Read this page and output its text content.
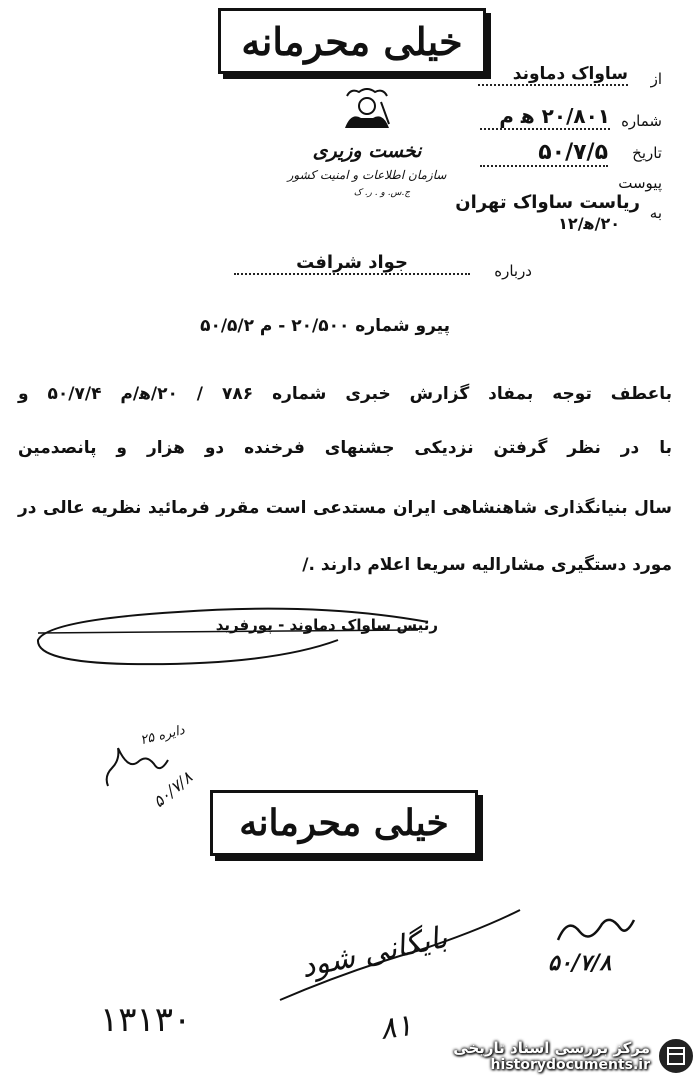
خیلی محرمانه
نخست وزیری
سازمان اطلاعات و امنیت کشور
ج.س. و . ر. ک
از
ساواک دماوند
شماره
۲۰/۸۰۱ ه‍ م
تاریخ
۵۰/۷/۵
پیوست
به
ریاست ساواک تهران
۲۰/ه‍/۱۲
درباره
جواد شرافت
پیرو شماره ۲۰/۵۰۰ - م ۵۰/۵/۲
باعطف توجه بمفاد گزارش خبری شماره ۷۸۶ / ۲۰/ه‍/م ۵۰/۷/۴ و
با در نظر گرفتن نزدیکی جشنهای فرخنده دو هزار و پانصدمین
سال بنیانگذاری شاهنشاهی ایران مستدعی است مقرر فرمائید نظریه عالی در
مورد دستگیری مشارالیه سریعا اعلام دارند ./
رئیس ساواک دماوند - پورفرید
دایره ۲۵
۵۰/۷/۸
خیلی محرمانه
بایگانی شود	۵۰/۷/۸
۱۳۱۳۰	۸۱
مرکز بررسی اسناد تاریخی
historydocuments.ir
